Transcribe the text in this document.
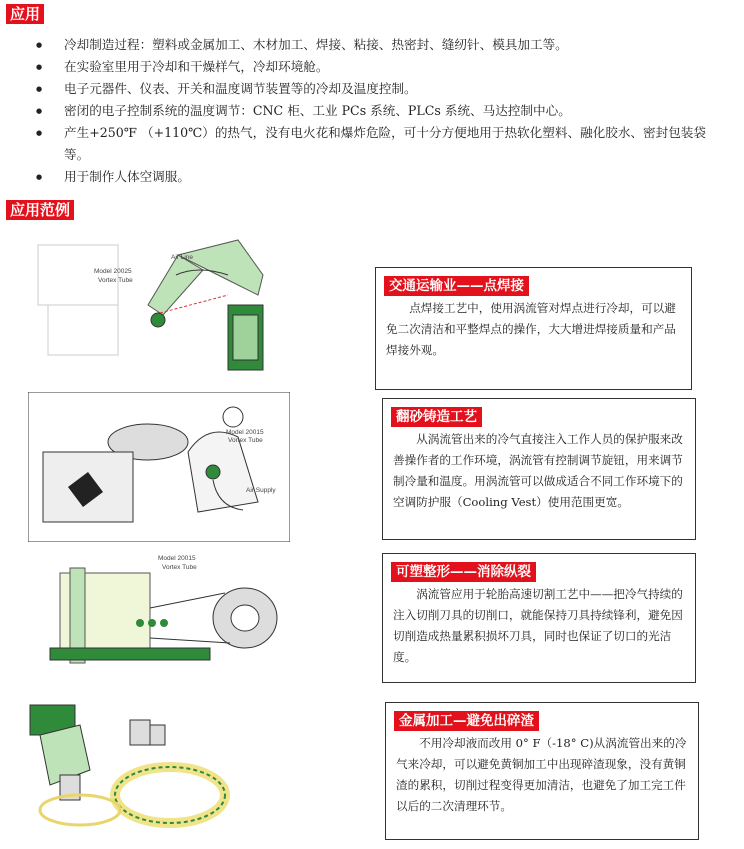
应用
● 冷却制造过程：塑料或金属加工、木材加工、焊接、粘接、热密封、缝纫针、模具加工等。
● 在实验室里用于冷却和干燥样气，冷却环境舱。
● 电子元器件、仪表、开关和温度调节装置等的冷却及温度控制。
● 密闭的电子控制系统的温度调节：CNC 柜、工业 PCs 系统、PLCs 系统、马达控制中心。
● 产生+250℉ （+110℃）的热气，没有电火花和爆炸危险，可十分方便地用于热软化塑料、融化胶水、密封包装袋等。
● 用于制作人体空调服。
应用范例
Model 20025
Vortex Tube
Air Line
Model 20015
Vortex Tube
Air Supply
Model 20015
Vortex Tube
交通运输业——点焊接
点焊接工艺中，使用涡流管对焊点进行冷却，可以避免二次清洁和平整焊点的操作，大大增进焊接质量和产品焊接外观。
翻砂铸造工艺
从涡流管出来的冷气直接注入工作人员的保护服来改善操作者的工作环境，涡流管有控制调节旋钮，用来调节制冷量和温度。用涡流管可以做成适合不同工作环境下的空调防护服（Cooling Vest）使用范围更宽。
可塑整形——消除纵裂
涡流管应用于轮胎高速切割工艺中——把冷气持续的注入切削刀具的切削口，就能保持刀具持续锋利，避免因切削造成热量累积损坏刀具，同时也保证了切口的光洁度。
金属加工—避免出碎渣
不用冷却液而改用 0° F（-18° C)从涡流管出来的冷气来冷却，可以避免黄铜加工中出现碎渣现象，没有黄铜渣的累积，切削过程变得更加清洁，也避免了加工完工件以后的二次清理环节。
